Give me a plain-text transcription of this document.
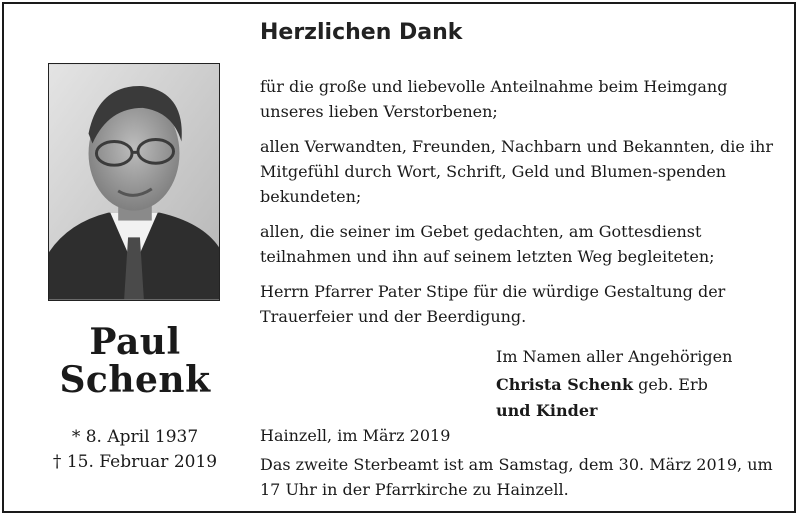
Paul
Schenk
* 8. April 1937
† 15. Februar 2019
Herzlichen Dank

für die große und liebevolle Anteilnahme beim Heimgang unseres lieben Verstorbenen;

allen Verwandten, Freunden, Nachbarn und Bekannten, die ihr Mitgefühl durch Wort, Schrift, Geld und Blumen-spenden bekundeten;

allen, die seiner im Gebet gedachten, am Gottesdienst teilnahmen und ihn auf seinem letzten Weg begleiteten;

Herrn Pfarrer Pater Stipe für die würdige Gestaltung der Trauerfeier und der Beerdigung.

Im Namen aller Angehörigen
Christa Schenk geb. Erb
und Kinder
Hainzell, im März 2019

Das zweite Sterbeamt ist am Samstag, dem 30. März 2019, um 17 Uhr in der Pfarrkirche zu Hainzell.
